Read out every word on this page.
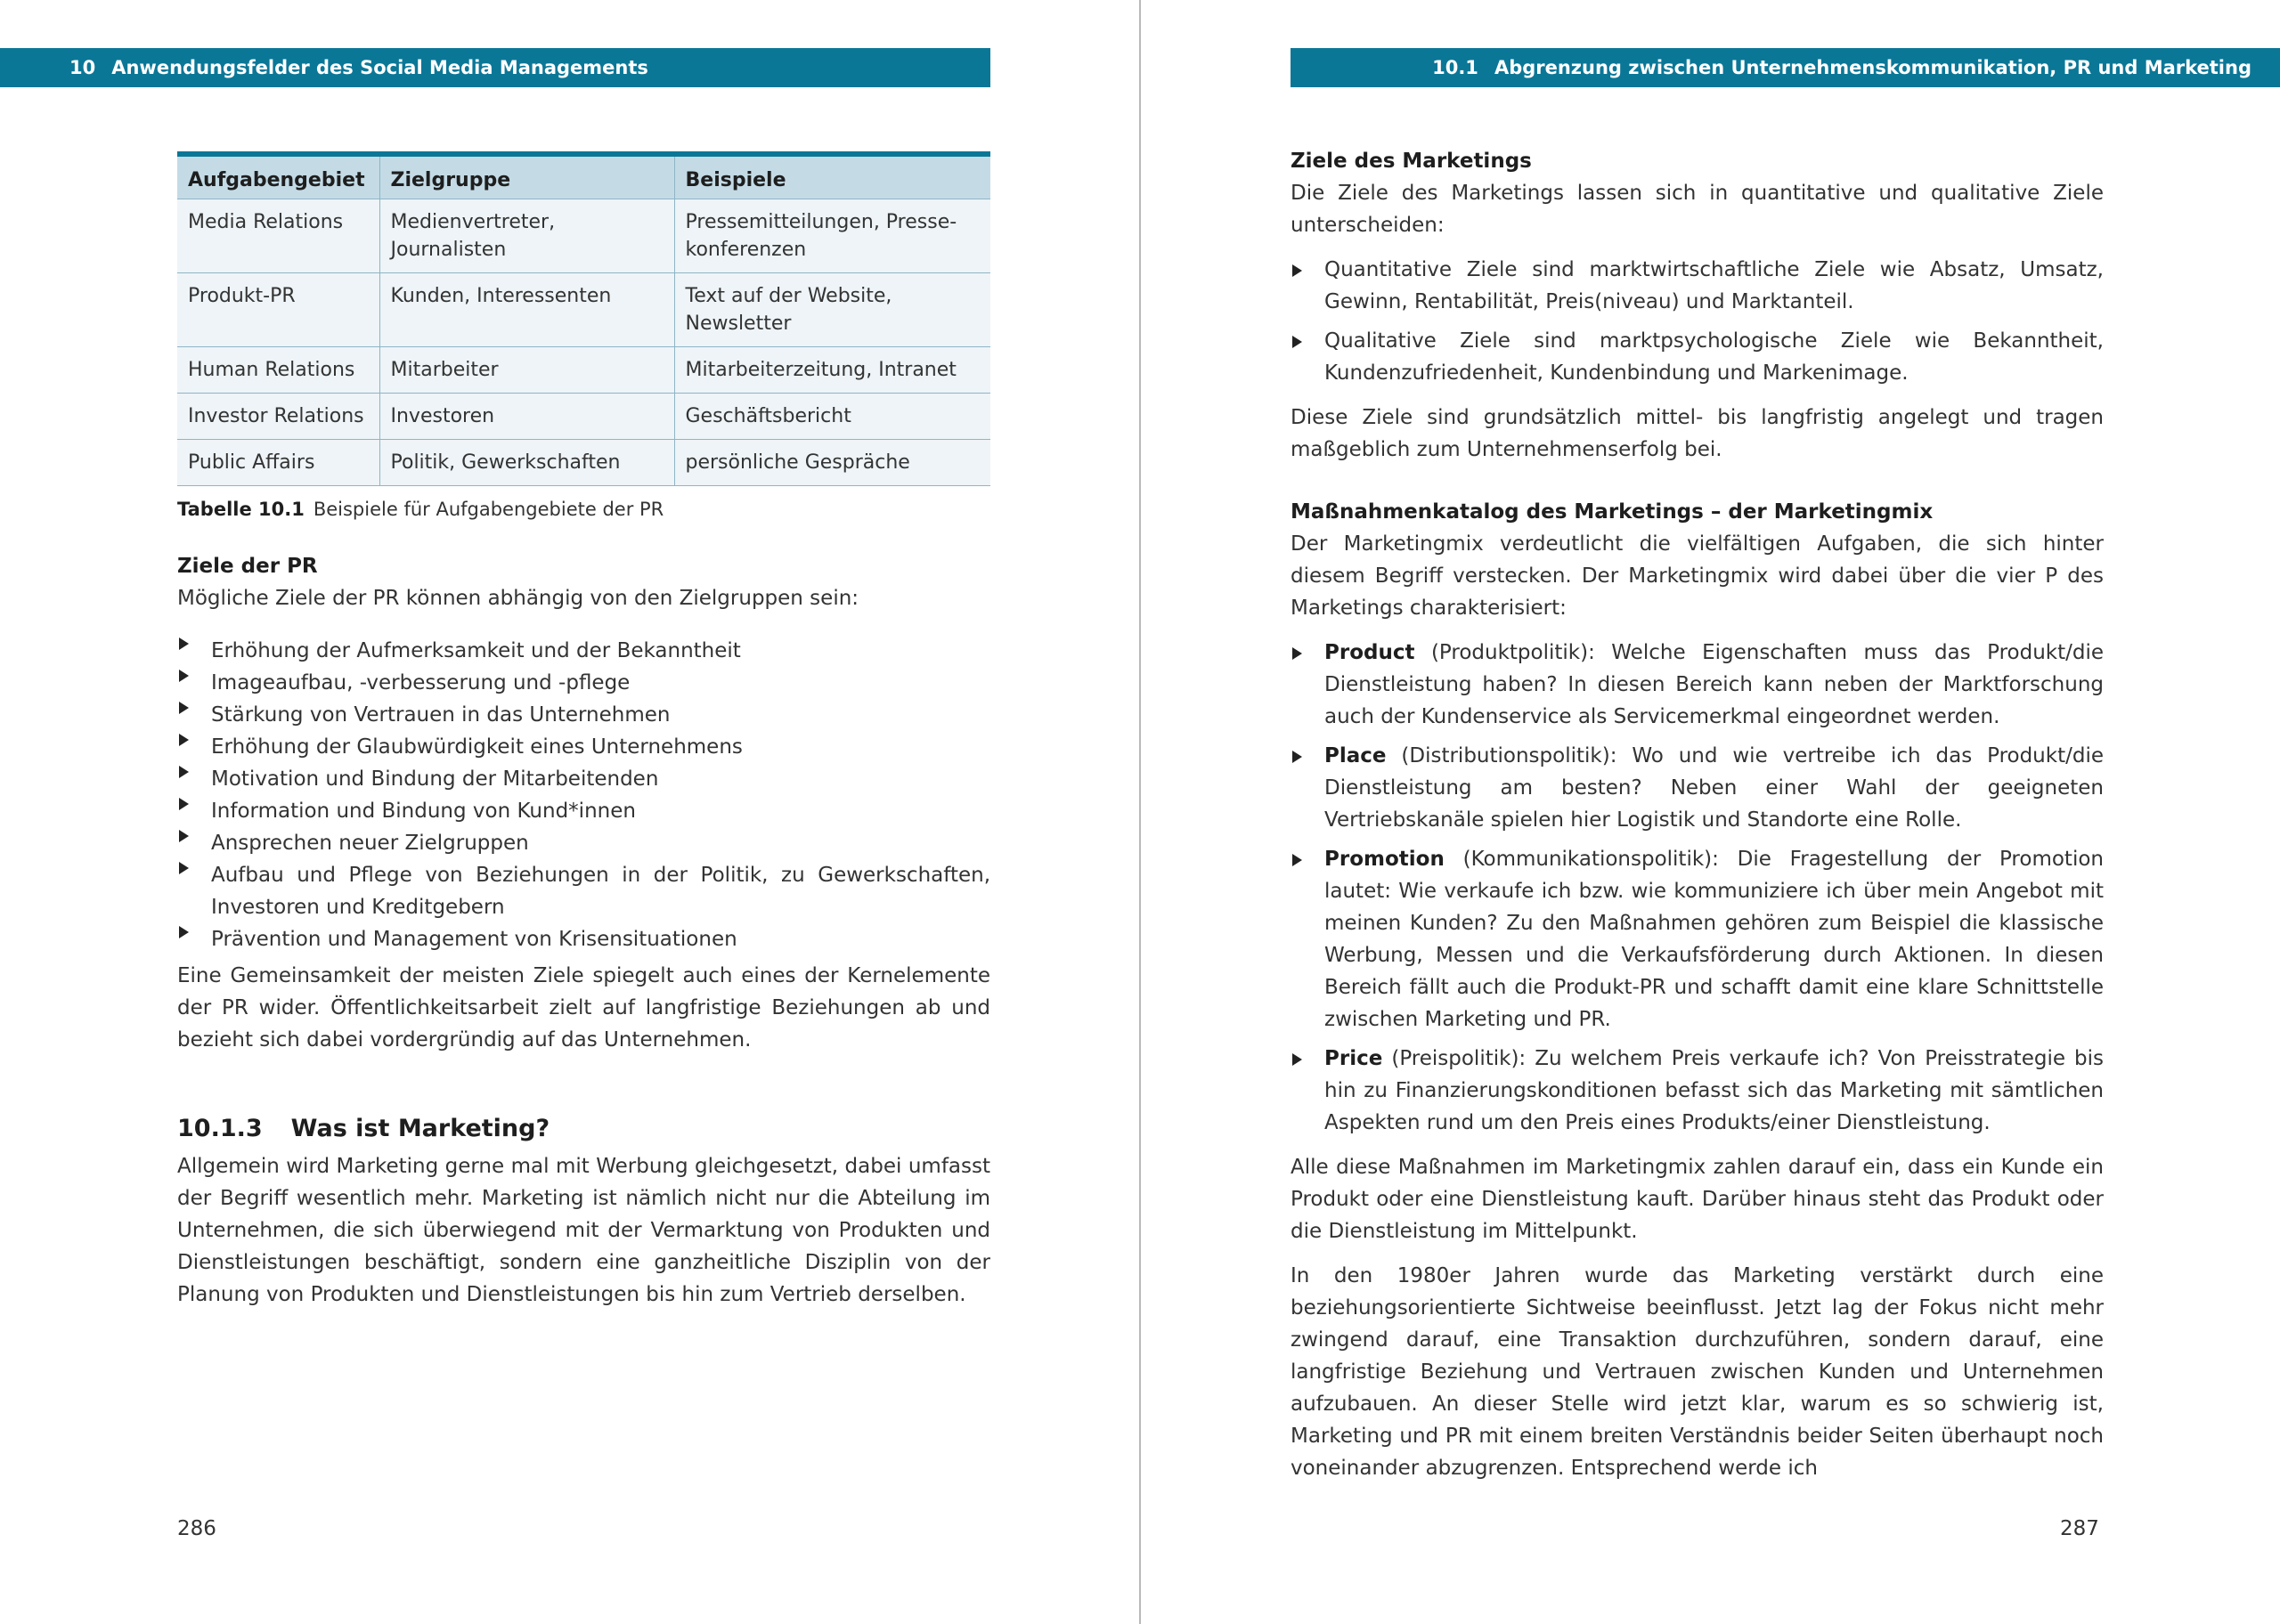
10 Anwendungsfelder des Social Media Managements
Aufgabengebiet	Zielgruppe	Beispiele
Media Relations	Medienvertreter, Journalisten	Pressemitteilungen, Presse-
konferenzen
Produkt-PR	Kunden, Interessenten	Text auf der Website,
Newsletter
Human Relations	Mitarbeiter	Mitarbeiterzeitung, Intranet
Investor Relations	Investoren	Geschäftsbericht
Public Affairs	Politik, Gewerkschaften	persönliche Gespräche
Tabelle 10.1 Beispiele für Aufgabengebiete der PR
Ziele der PR

Mögliche Ziele der PR können abhängig von den Zielgruppen sein:

Erhöhung der Aufmerksamkeit und der Bekanntheit
Imageaufbau, -verbesserung und -pflege
Stärkung von Vertrauen in das Unternehmen
Erhöhung der Glaubwürdigkeit eines Unternehmens
Motivation und Bindung der Mitarbeitenden
Information und Bindung von Kund*innen
Ansprechen neuer Zielgruppen
Aufbau und Pflege von Beziehungen in der Politik, zu Gewerkschaften, Investoren und Kreditgebern
Prävention und Management von Krisensituationen

Eine Gemeinsamkeit der meisten Ziele spiegelt auch eines der Kernelemente der PR wider. Öffentlichkeitsarbeit zielt auf langfristige Beziehungen ab und bezieht sich dabei vordergründig auf das Unternehmen.

10.1.3 Was ist Marketing?

Allgemein wird Marketing gerne mal mit Werbung gleichgesetzt, dabei umfasst der Begriff wesentlich mehr. Marketing ist nämlich nicht nur die Abteilung im Unternehmen, die sich überwiegend mit der Vermarktung von Produkten und Dienstleistungen beschäftigt, sondern eine ganzheitliche Disziplin von der Planung von Produkten und Dienstleistungen bis hin zum Vertrieb derselben.

286
10.1 Abgrenzung zwischen Unternehmenskommunikation, PR und Marketing
Ziele des Marketings

Die Ziele des Marketings lassen sich in quantitative und qualitative Ziele unterscheiden:

Quantitative Ziele sind marktwirtschaftliche Ziele wie Absatz, Umsatz, Gewinn, Rentabilität, Preis(niveau) und Marktanteil.
Qualitative Ziele sind marktpsychologische Ziele wie Bekanntheit, Kundenzufriedenheit, Kundenbindung und Markenimage.

Diese Ziele sind grundsätzlich mittel- bis langfristig angelegt und tragen maßgeblich zum Unternehmenserfolg bei.

Maßnahmenkatalog des Marketings – der Marketingmix

Der Marketingmix verdeutlicht die vielfältigen Aufgaben, die sich hinter diesem Begriff verstecken. Der Marketingmix wird dabei über die vier P des Marketings charakterisiert:

Product (Produktpolitik): Welche Eigenschaften muss das Produkt/die Dienstleistung haben? In diesen Bereich kann neben der Marktforschung auch der Kundenservice als Servicemerkmal eingeordnet werden.
Place (Distributionspolitik): Wo und wie vertreibe ich das Produkt/die Dienstleistung am besten? Neben einer Wahl der geeigneten Vertriebskanäle spielen hier Logistik und Standorte eine Rolle.
Promotion (Kommunikationspolitik): Die Fragestellung der Promotion lautet: Wie verkaufe ich bzw. wie kommuniziere ich über mein Angebot mit meinen Kunden? Zu den Maßnahmen gehören zum Beispiel die klassische Werbung, Messen und die Verkaufsförderung durch Aktionen. In diesen Bereich fällt auch die Produkt-PR und schafft damit eine klare Schnittstelle zwischen Marketing und PR.
Price (Preispolitik): Zu welchem Preis verkaufe ich? Von Preisstrategie bis hin zu Finanzierungskonditionen befasst sich das Marketing mit sämtlichen Aspekten rund um den Preis eines Produkts/einer Dienstleistung.

Alle diese Maßnahmen im Marketingmix zahlen darauf ein, dass ein Kunde ein Produkt oder eine Dienstleistung kauft. Darüber hinaus steht das Produkt oder die Dienstleistung im Mittelpunkt.

In den 1980er Jahren wurde das Marketing verstärkt durch eine beziehungsorientierte Sichtweise beeinflusst. Jetzt lag der Fokus nicht mehr zwingend darauf, eine Transaktion durchzuführen, sondern darauf, eine langfristige Beziehung und Vertrauen zwischen Kunden und Unternehmen aufzubauen. An dieser Stelle wird jetzt klar, warum es so schwierig ist, Marketing und PR mit einem breiten Verständnis beider Seiten überhaupt noch voneinander abzugrenzen. Entsprechend werde ich

287
